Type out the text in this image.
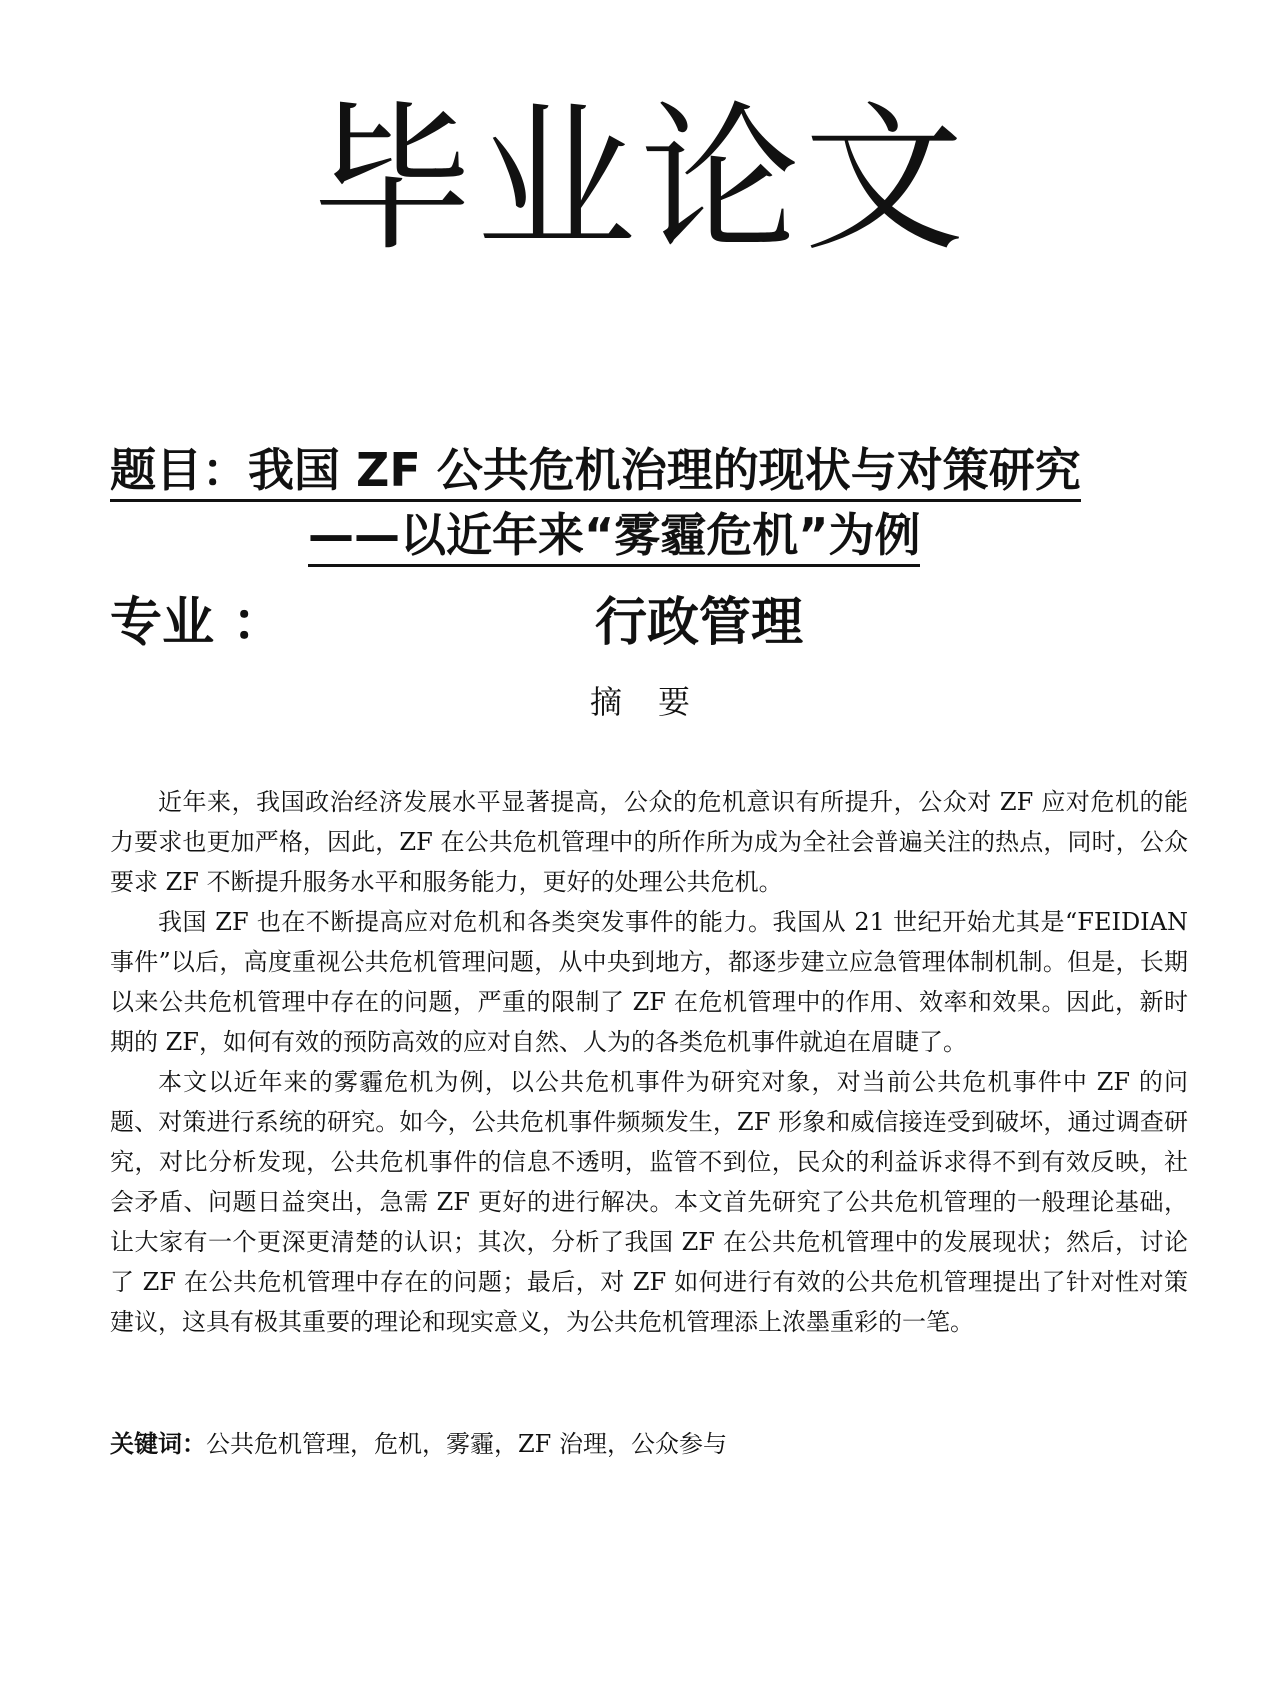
毕业论文
题目：我国 ZF 公共危机治理的现状与对策研究
——以近年来“雾霾危机”为例
专业 ：	行政管理
摘要

近年来，我国政治经济发展水平显著提高，公众的危机意识有所提升，公众对 ZF 应对危机的能力要求也更加严格，因此，ZF 在公共危机管理中的所作所为成为全社会普遍关注的热点，同时，公众要求 ZF 不断提升服务水平和服务能力，更好的处理公共危机。

我国 ZF 也在不断提高应对危机和各类突发事件的能力。我国从 21 世纪开始尤其是“FEIDIAN 事件”以后，高度重视公共危机管理问题，从中央到地方，都逐步建立应急管理体制机制。但是，长期以来公共危机管理中存在的问题，严重的限制了 ZF 在危机管理中的作用、效率和效果。因此，新时期的 ZF，如何有效的预防高效的应对自然、人为的各类危机事件就迫在眉睫了。

本文以近年来的雾霾危机为例，以公共危机事件为研究对象，对当前公共危机事件中 ZF 的问题、对策进行系统的研究。如今，公共危机事件频频发生，ZF 形象和威信接连受到破坏，通过调查研究，对比分析发现，公共危机事件的信息不透明，监管不到位，民众的利益诉求得不到有效反映，社会矛盾、问题日益突出，急需 ZF 更好的进行解决。本文首先研究了公共危机管理的一般理论基础，让大家有一个更深更清楚的认识；其次，分析了我国 ZF 在公共危机管理中的发展现状；然后，讨论了 ZF 在公共危机管理中存在的问题；最后，对 ZF 如何进行有效的公共危机管理提出了针对性对策建议，这具有极其重要的理论和现实意义，为公共危机管理添上浓墨重彩的一笔。

关键词：公共危机管理，危机，雾霾，ZF 治理，公众参与
